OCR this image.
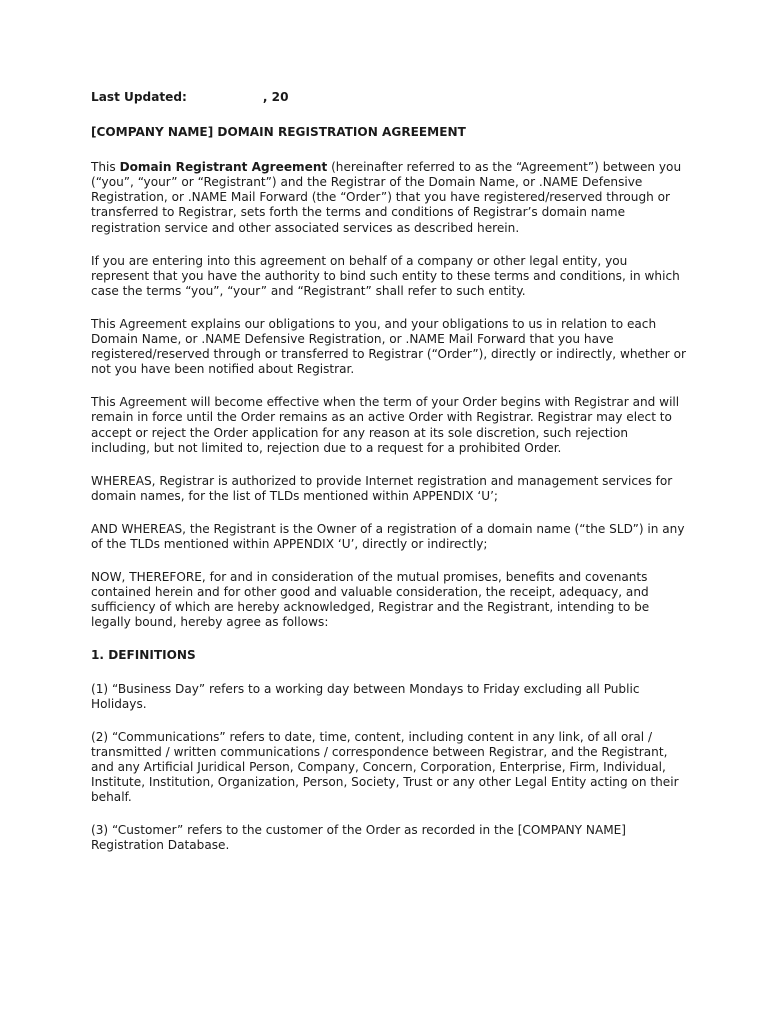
Last Updated:	, 20
[COMPANY NAME] DOMAIN REGISTRATION AGREEMENT

This Domain Registrant Agreement (hereinafter referred to as the “Agreement”) between you (“you”, “your” or “Registrant”) and the Registrar of the Domain Name, or .NAME Defensive Registration, or .NAME Mail Forward (the “Order”) that you have registered/reserved through or transferred to Registrar, sets forth the terms and conditions of Registrar’s domain name registration service and other associated services as described herein.

If you are entering into this agreement on behalf of a company or other legal entity, you represent that you have the authority to bind such entity to these terms and conditions, in which case the terms “you”, “your” and “Registrant” shall refer to such entity.

This Agreement explains our obligations to you, and your obligations to us in relation to each Domain Name, or .NAME Defensive Registration, or .NAME Mail Forward that you have registered/reserved through or transferred to Registrar (“Order”), directly or indirectly, whether or not you have been notified about Registrar.

This Agreement will become effective when the term of your Order begins with Registrar and will remain in force until the Order remains as an active Order with Registrar. Registrar may elect to accept or reject the Order application for any reason at its sole discretion, such rejection including, but not limited to, rejection due to a request for a prohibited Order.

WHEREAS, Registrar is authorized to provide Internet registration and management services for domain names, for the list of TLDs mentioned within APPENDIX ‘U’;

AND WHEREAS, the Registrant is the Owner of a registration of a domain name (“the SLD”) in any of the TLDs mentioned within APPENDIX ‘U’, directly or indirectly;

NOW, THEREFORE, for and in consideration of the mutual promises, benefits and covenants contained herein and for other good and valuable consideration, the receipt, adequacy, and sufficiency of which are hereby acknowledged, Registrar and the Registrant, intending to be legally bound, hereby agree as follows:

1. DEFINITIONS

(1) “Business Day” refers to a working day between Mondays to Friday excluding all Public Holidays.

(2) “Communications” refers to date, time, content, including content in any link, of all oral / transmitted / written communications / correspondence between Registrar, and the Registrant, and any Artificial Juridical Person, Company, Concern, Corporation, Enterprise, Firm, Individual, Institute, Institution, Organization, Person, Society, Trust or any other Legal Entity acting on their behalf.

(3) “Customer” refers to the customer of the Order as recorded in the [COMPANY NAME] Registration Database.
